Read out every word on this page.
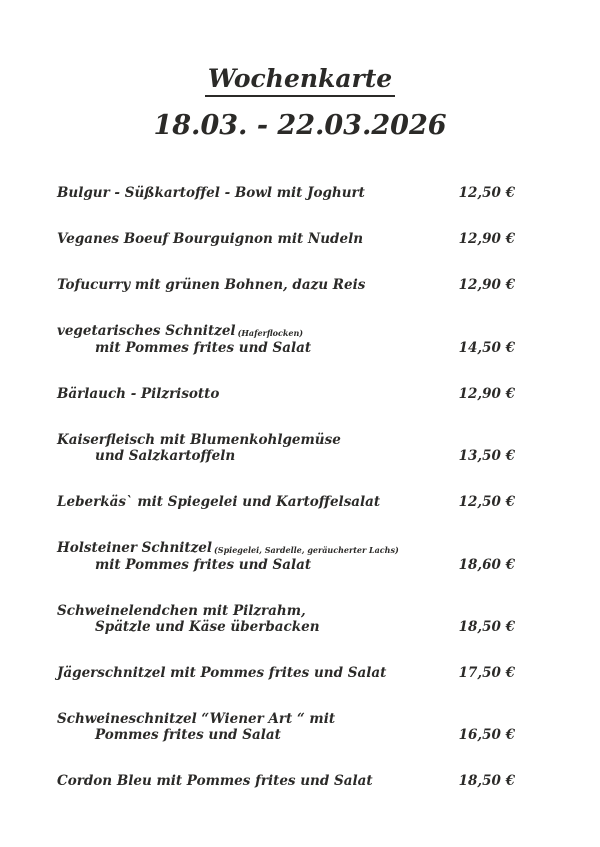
Wochenkarte
18.03. - 22.03.2026
Bulgur - Süßkartoffel - Bowl mit Joghurt	12,50 €
Veganes Boeuf Bourguignon mit Nudeln	12,90 €
Tofucurry mit grünen Bohnen, dazu Reis	12,90 €
vegetarisches Schnitzel (Haferflocken)
mit Pommes frites und Salat	14,50 €
Bärlauch - Pilzrisotto	12,90 €
Kaiserfleisch mit Blumenkohlgemüse
und Salzkartoffeln	13,50 €
Leberkäs` mit Spiegelei und Kartoffelsalat	12,50 €
Holsteiner Schnitzel (Spiegelei, Sardelle, geräucherter Lachs)
mit Pommes frites und Salat	18,60 €
Schweinelendchen mit Pilzrahm,
Spätzle und Käse überbacken	18,50 €
Jägerschnitzel mit Pommes frites und Salat	17,50 €
Schweineschnitzel “Wiener Art “ mit
Pommes frites und Salat	16,50 €
Cordon Bleu mit Pommes frites und Salat	18,50 €
